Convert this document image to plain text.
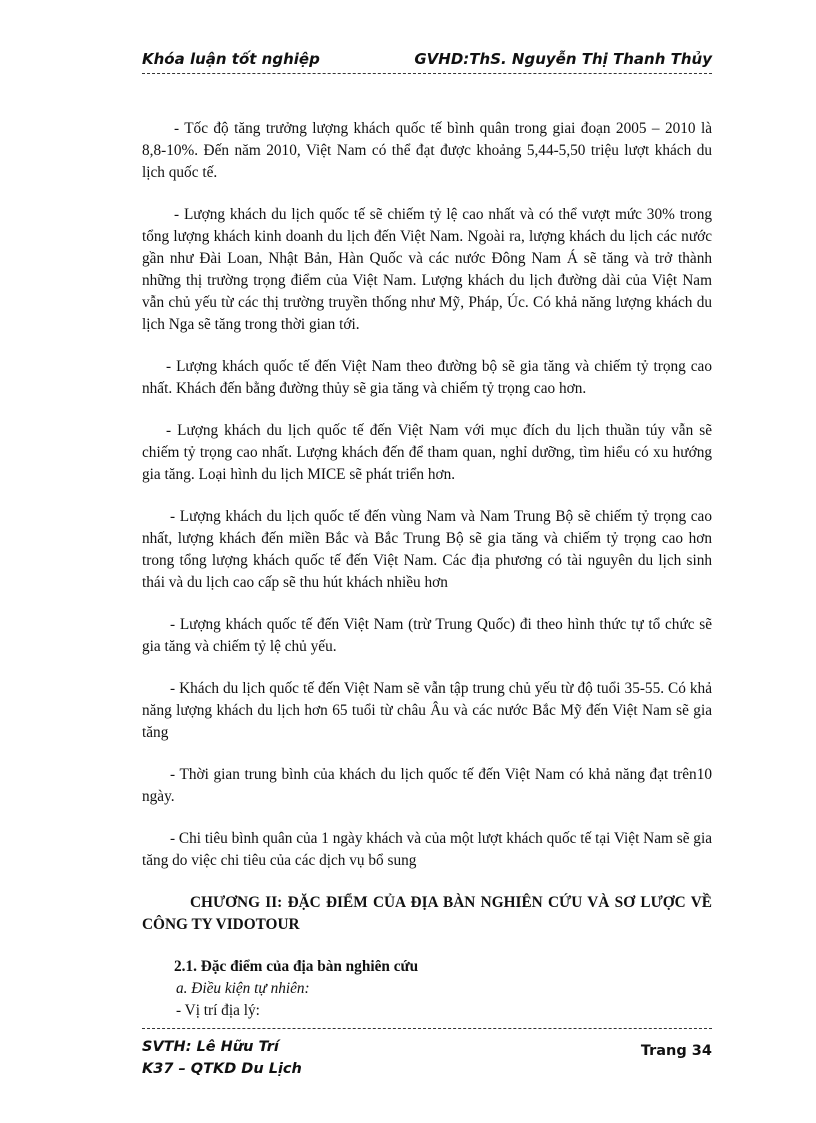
Khóa luận tốt nghiệp	GVHD:ThS. Nguyễn Thị Thanh Thủy

- Tốc độ tăng trưởng lượng khách quốc tế bình quân trong giai đoạn 2005 – 2010 là 8,8-10%. Đến năm 2010, Việt Nam có thể đạt được khoảng 5,44-5,50 triệu lượt khách du lịch quốc tế.

- Lượng khách du lịch quốc tế sẽ chiếm tỷ lệ cao nhất và có thể vượt mức 30% trong tổng lượng khách kinh doanh du lịch đến Việt Nam. Ngoài ra, lượng khách du lịch các nước gần như Đài Loan, Nhật Bản, Hàn Quốc và các nước Đông Nam Á sẽ tăng và trở thành những thị trường trọng điểm của Việt Nam. Lượng khách du lịch đường dài của Việt Nam vẫn chủ yếu từ các thị trường truyền thống như Mỹ, Pháp, Úc. Có khả năng lượng khách du lịch Nga sẽ tăng trong thời gian tới.

- Lượng khách quốc tế đến Việt Nam theo đường bộ sẽ gia tăng và chiếm tỷ trọng cao nhất. Khách đến bằng đường thủy sẽ gia tăng và chiếm tỷ trọng cao hơn.

- Lượng khách du lịch quốc tế đến Việt Nam với mục đích du lịch thuần túy vẫn sẽ chiếm tỷ trọng cao nhất. Lượng khách đến để tham quan, nghỉ dưỡng, tìm hiểu có xu hướng gia tăng. Loại hình du lịch MICE sẽ phát triển hơn.

- Lượng khách du lịch quốc tế đến vùng Nam và Nam Trung Bộ sẽ chiếm tỷ trọng cao nhất, lượng khách đến miền Bắc và Bắc Trung Bộ sẽ gia tăng và chiếm tỷ trọng cao hơn trong tổng lượng khách quốc tế đến Việt Nam. Các địa phương có tài nguyên du lịch sinh thái và du lịch cao cấp sẽ thu hút khách nhiều hơn

- Lượng khách quốc tế đến Việt Nam (trừ Trung Quốc) đi theo hình thức tự tổ chức sẽ gia tăng và chiếm tỷ lệ chủ yếu.

- Khách du lịch quốc tế đến Việt Nam sẽ vẫn tập trung chủ yếu từ độ tuổi 35-55. Có khả năng lượng khách du lịch hơn 65 tuổi từ châu Âu và các nước Bắc Mỹ đến Việt Nam sẽ gia tăng

- Thời gian trung bình của khách du lịch quốc tế đến Việt Nam có khả năng đạt trên10 ngày.

- Chi tiêu bình quân của 1 ngày khách và của một lượt khách quốc tế tại Việt Nam sẽ gia tăng do việc chi tiêu của các dịch vụ bổ sung

CHƯƠNG II: ĐẶC ĐIỂM CỦA ĐỊA BÀN NGHIÊN CỨU VÀ SƠ LƯỢC VỀ CÔNG TY VIDOTOUR

2.1. Đặc điểm của địa bàn nghiên cứu

a. Điều kiện tự nhiên:

- Vị trí địa lý:

SVTH: Lê Hữu Trí
K37 – QTKD Du Lịch
Trang 34
